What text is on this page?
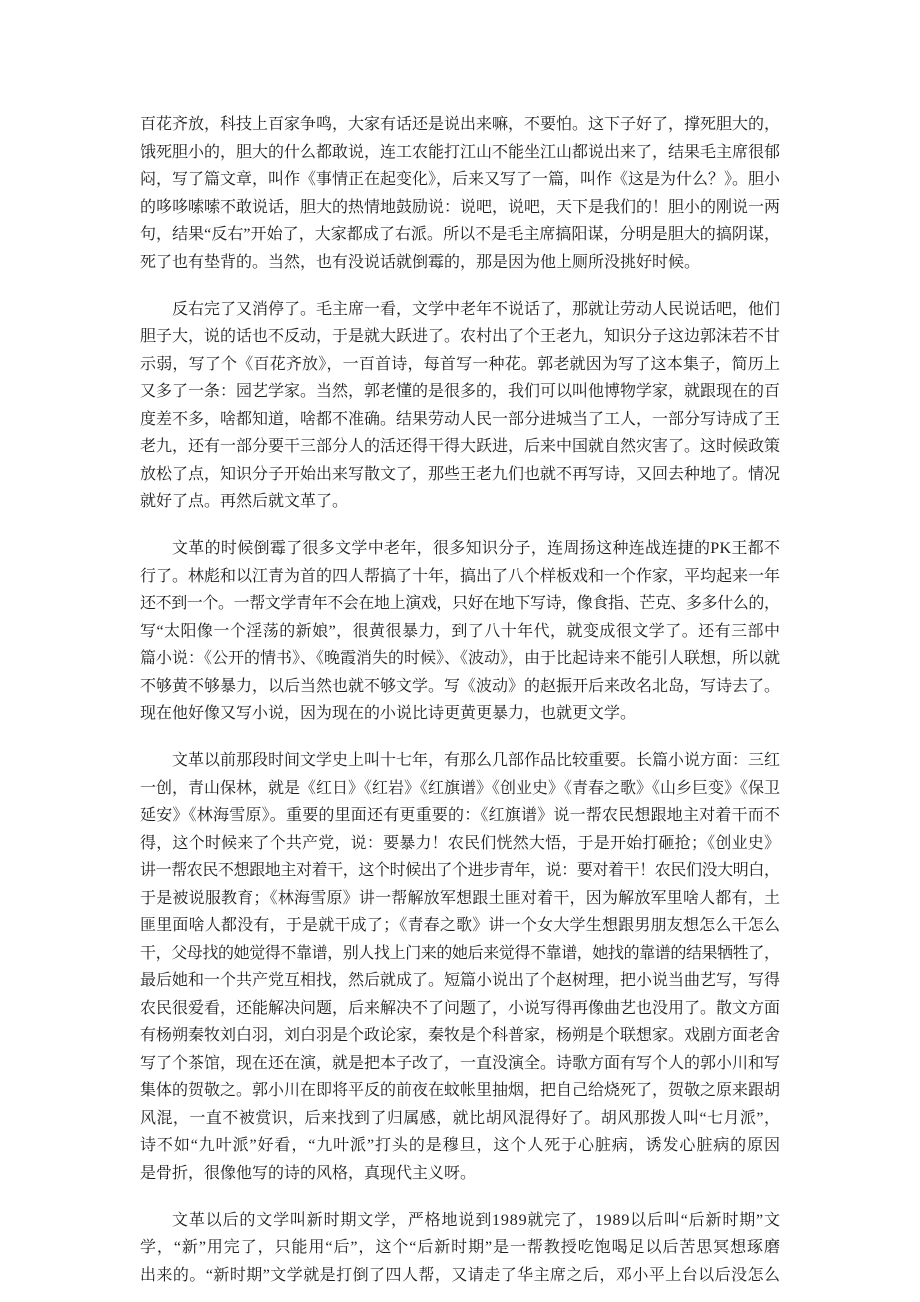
百花齐放，科技上百家争鸣，大家有话还是说出来嘛，不要怕。这下子好了，撑死胆大的，
饿死胆小的，胆大的什么都敢说，连工农能打江山不能坐江山都说出来了，结果毛主席很郁
闷，写了篇文章，叫作《事情正在起变化》，后来又写了一篇，叫作《这是为什么？》。胆小
的哆哆嗦嗦不敢说话，胆大的热情地鼓励说：说吧，说吧，天下是我们的！胆小的刚说一两
句，结果“反右”开始了，大家都成了右派。所以不是毛主席搞阳谋，分明是胆大的搞阴谋，
死了也有垫背的。当然，也有没说话就倒霉的，那是因为他上厕所没挑好时候。
反右完了又消停了。毛主席一看，文学中老年不说话了，那就让劳动人民说话吧，他们
胆子大，说的话也不反动，于是就大跃进了。农村出了个王老九，知识分子这边郭沫若不甘
示弱，写了个《百花齐放》，一百首诗，每首写一种花。郭老就因为写了这本集子，简历上
又多了一条：园艺学家。当然，郭老懂的是很多的，我们可以叫他博物学家，就跟现在的百
度差不多，啥都知道，啥都不准确。结果劳动人民一部分进城当了工人，一部分写诗成了王
老九，还有一部分要干三部分人的活还得干得大跃进，后来中国就自然灾害了。这时候政策
放松了点，知识分子开始出来写散文了，那些王老九们也就不再写诗，又回去种地了。情况
就好了点。再然后就文革了。
文革的时候倒霉了很多文学中老年，很多知识分子，连周扬这种连战连捷的PK王都不
行了。林彪和以江青为首的四人帮搞了十年，搞出了八个样板戏和一个作家，平均起来一年
还不到一个。一帮文学青年不会在地上演戏，只好在地下写诗，像食指、芒克、多多什么的，
写“太阳像一个淫荡的新娘”，很黄很暴力，到了八十年代，就变成很文学了。还有三部中
篇小说：《公开的情书》、《晚霞消失的时候》、《波动》，由于比起诗来不能引人联想，所以就
不够黄不够暴力，以后当然也就不够文学。写《波动》的赵振开后来改名北岛，写诗去了。
现在他好像又写小说，因为现在的小说比诗更黄更暴力，也就更文学。
文革以前那段时间文学史上叫十七年，有那么几部作品比较重要。长篇小说方面：三红
一创，青山保林，就是《红日》《红岩》《红旗谱》《创业史》《青春之歌》《山乡巨变》《保卫
延安》《林海雪原》。重要的里面还有更重要的：《红旗谱》说一帮农民想跟地主对着干而不
得，这个时候来了个共产党，说：要暴力！农民们恍然大悟，于是开始打砸抢；《创业史》
讲一帮农民不想跟地主对着干，这个时候出了个进步青年，说：要对着干！农民们没大明白，
于是被说服教育；《林海雪原》讲一帮解放军想跟土匪对着干，因为解放军里啥人都有，土
匪里面啥人都没有，于是就干成了；《青春之歌》讲一个女大学生想跟男朋友想怎么干怎么
干，父母找的她觉得不靠谱，别人找上门来的她后来觉得不靠谱，她找的靠谱的结果牺牲了，
最后她和一个共产党互相找，然后就成了。短篇小说出了个赵树理，把小说当曲艺写，写得
农民很爱看，还能解决问题，后来解决不了问题了，小说写得再像曲艺也没用了。散文方面
有杨朔秦牧刘白羽，刘白羽是个政论家，秦牧是个科普家，杨朔是个联想家。戏剧方面老舍
写了个茶馆，现在还在演，就是把本子改了，一直没演全。诗歌方面有写个人的郭小川和写
集体的贺敬之。郭小川在即将平反的前夜在蚊帐里抽烟，把自己给烧死了，贺敬之原来跟胡
风混，一直不被赏识，后来找到了归属感，就比胡风混得好了。胡风那拨人叫“七月派”，
诗不如“九叶派”好看，“九叶派”打头的是穆旦，这个人死于心脏病，诱发心脏病的原因
是骨折，很像他写的诗的风格，真现代主义呀。
文革以后的文学叫新时期文学，严格地说到1989就完了，1989以后叫“后新时期”文
学，“新”用完了，只能用“后”，这个“后新时期”是一帮教授吃饱喝足以后苦思冥想琢磨
出来的。“新时期”文学就是打倒了四人帮，又请走了华主席之后，邓小平上台以后没怎么
